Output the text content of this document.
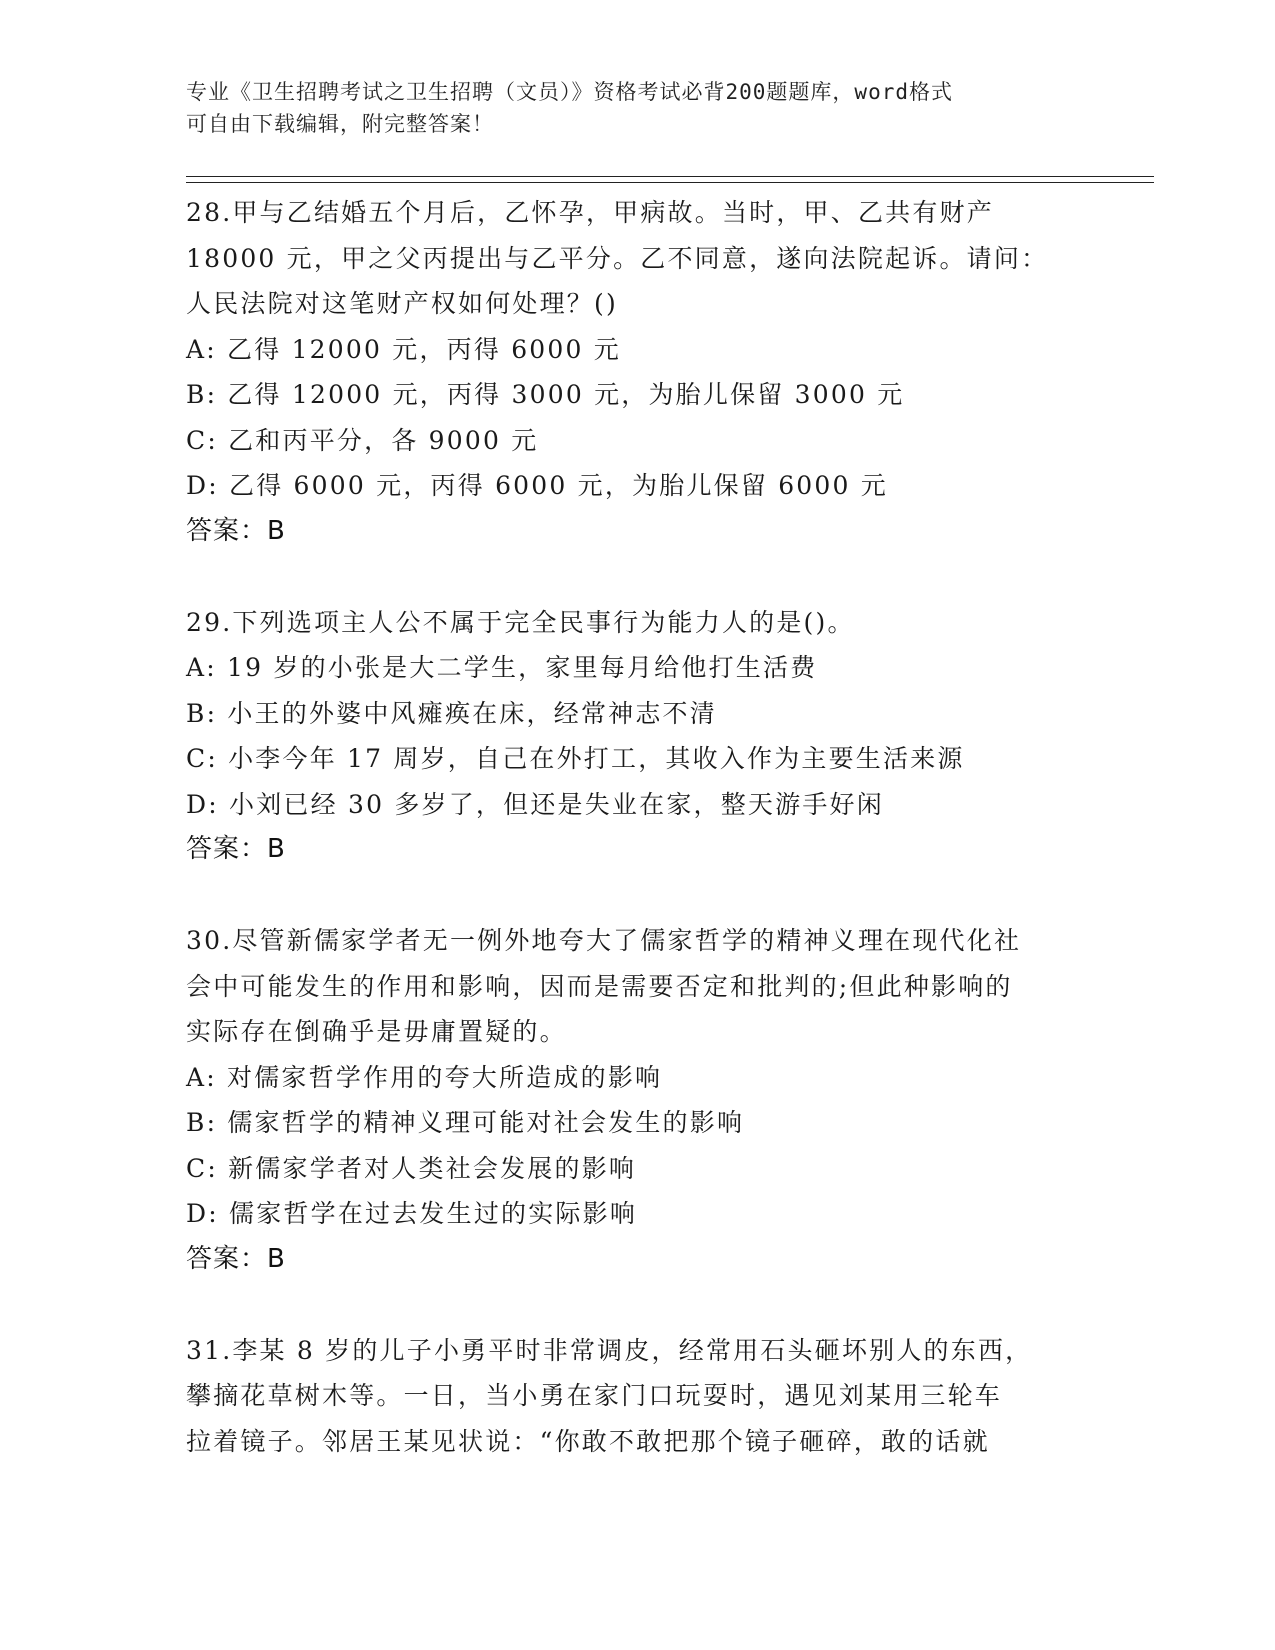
专业《卫生招聘考试之卫生招聘（文员）》资格考试必背200题题库，word格式
可自由下载编辑，附完整答案！
28.甲与乙结婚五个月后，乙怀孕，甲病故。当时，甲、乙共有财产
18000 元，甲之父丙提出与乙平分。乙不同意，遂向法院起诉。请问：
人民法院对这笔财产权如何处理？()
A: 乙得 12000 元，丙得 6000 元
B: 乙得 12000 元，丙得 3000 元，为胎儿保留 3000 元
C: 乙和丙平分，各 9000 元
D: 乙得 6000 元，丙得 6000 元，为胎儿保留 6000 元
答案：B
29.下列选项主人公不属于完全民事行为能力人的是()。
A: 19 岁的小张是大二学生，家里每月给他打生活费
B: 小王的外婆中风瘫痪在床，经常神志不清
C: 小李今年 17 周岁，自己在外打工，其收入作为主要生活来源
D: 小刘已经 30 多岁了，但还是失业在家，整天游手好闲
答案：B
30.尽管新儒家学者无一例外地夸大了儒家哲学的精神义理在现代化社
会中可能发生的作用和影响，因而是需要否定和批判的;但此种影响的
实际存在倒确乎是毋庸置疑的。
A: 对儒家哲学作用的夸大所造成的影响
B: 儒家哲学的精神义理可能对社会发生的影响
C: 新儒家学者对人类社会发展的影响
D: 儒家哲学在过去发生过的实际影响
答案：B
31.李某 8 岁的儿子小勇平时非常调皮，经常用石头砸坏别人的东西，
攀摘花草树木等。一日，当小勇在家门口玩耍时，遇见刘某用三轮车
拉着镜子。邻居王某见状说：“你敢不敢把那个镜子砸碎，敢的话就
